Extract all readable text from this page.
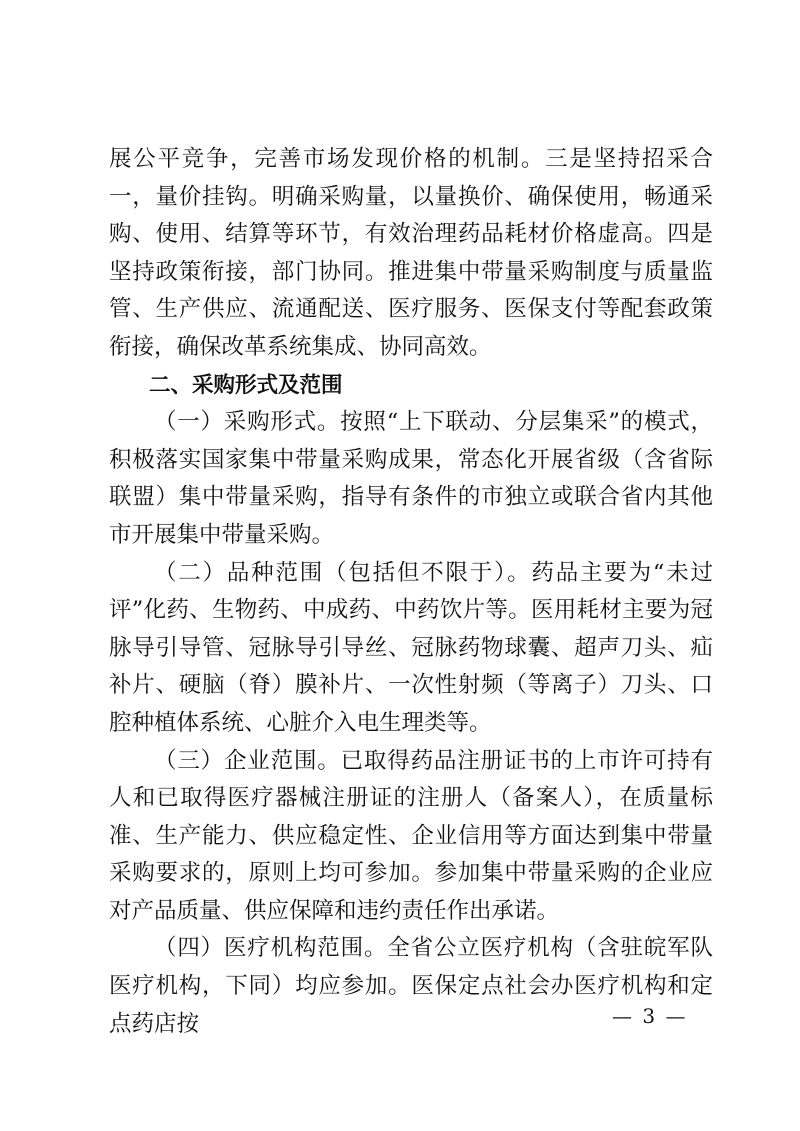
展公平竞争，完善市场发现价格的机制。三是坚持招采合一，量价挂钩。明确采购量，以量换价、确保使用，畅通采购、使用、结算等环节，有效治理药品耗材价格虚高。四是坚持政策衔接，部门协同。推进集中带量采购制度与质量监管、生产供应、流通配送、医疗服务、医保支付等配套政策衔接，确保改革系统集成、协同高效。

二、采购形式及范围

（一）采购形式。按照“上下联动、分层集采”的模式，积极落实国家集中带量采购成果，常态化开展省级（含省际联盟）集中带量采购，指导有条件的市独立或联合省内其他市开展集中带量采购。

（二）品种范围（包括但不限于）。药品主要为“未过评”化药、生物药、中成药、中药饮片等。医用耗材主要为冠脉导引导管、冠脉导引导丝、冠脉药物球囊、超声刀头、疝补片、硬脑（脊）膜补片、一次性射频（等离子）刀头、口腔种植体系统、心脏介入电生理类等。

（三）企业范围。已取得药品注册证书的上市许可持有人和已取得医疗器械注册证的注册人（备案人），在质量标准、生产能力、供应稳定性、企业信用等方面达到集中带量采购要求的，原则上均可参加。参加集中带量采购的企业应对产品质量、供应保障和违约责任作出承诺。

（四）医疗机构范围。全省公立医疗机构（含驻皖军队医疗机构，下同）均应参加。医保定点社会办医疗机构和定点药店按	— 3 —
